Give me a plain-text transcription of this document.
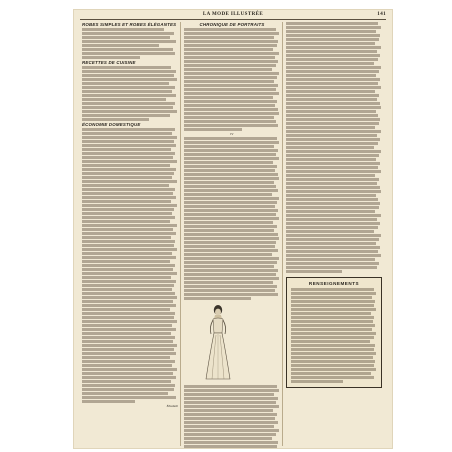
LA MODE ILLUSTRÉE	141
ROBES SIMPLES ET ROBES ÉLÉGANTES
RECETTES DE CUISINE
ÉCONOMIE DOMESTIQUE
Élisabeth
CHRONIQUE DE PORTRAITS
IV
RENSEIGNEMENTS
